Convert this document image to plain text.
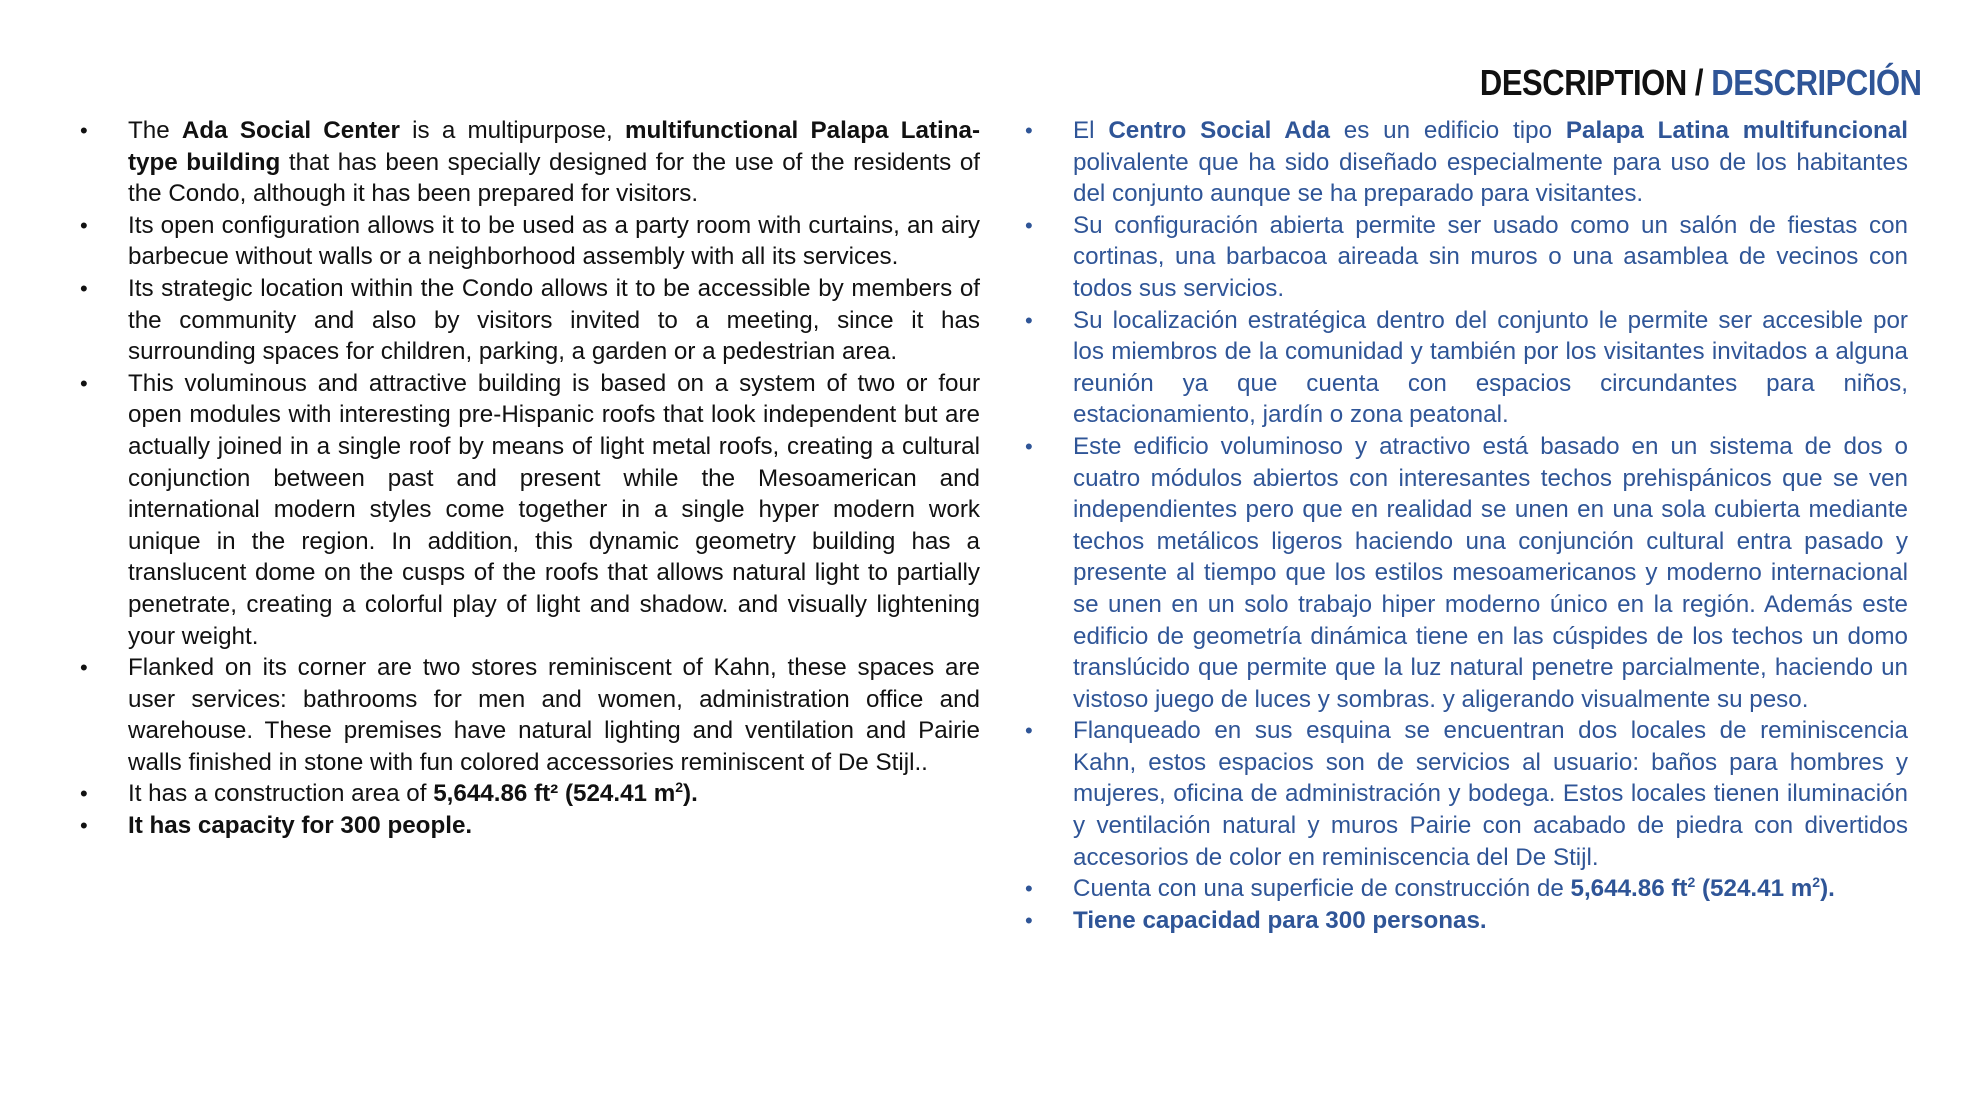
DESCRIPTION / DESCRIPCIÓN
• The Ada Social Center is a multipurpose, multifunctional Palapa Latina-type building that has been specially designed for the use of the residents of the Condo, although it has been prepared for visitors.
• Its open configuration allows it to be used as a party room with curtains, an airy barbecue without walls or a neighborhood assembly with all its services.
• Its strategic location within the Condo allows it to be accessible by members of the community and also by visitors invited to a meeting, since it has surrounding spaces for children, parking, a garden or a pedestrian area.
• This voluminous and attractive building is based on a system of two or four open modules with interesting pre-Hispanic roofs that look independent but are actually joined in a single roof by means of light metal roofs, creating a cultural conjunction between past and present while the Mesoamerican and international modern styles come together in a single hyper modern work unique in the region. In addition, this dynamic geometry building has a translucent dome on the cusps of the roofs that allows natural light to partially penetrate, creating a colorful play of light and shadow. and visually lightening your weight.
• Flanked on its corner are two stores reminiscent of Kahn, these spaces are user services: bathrooms for men and women, administration office and warehouse. These premises have natural lighting and ventilation and Pairie walls finished in stone with fun colored accessories reminiscent of De Stijl..
• It has a construction area of 5,644.86 ft² (524.41 $m^2$).
• It has capacity for 300 people.
• El Centro Social Ada es un edificio tipo Palapa Latina multifuncional polivalente que ha sido diseñado especialmente para uso de los habitantes del conjunto aunque se ha preparado para visitantes.
• Su configuración abierta permite ser usado como un salón de fiestas con cortinas, una barbacoa aireada sin muros o una asamblea de vecinos con todos sus servicios.
• Su localización estratégica dentro del conjunto le permite ser accesible por los miembros de la comunidad y también por los visitantes invitados a alguna reunión ya que cuenta con espacios circundantes para niños, estacionamiento, jardín o zona peatonal.
• Este edificio voluminoso y atractivo está basado en un sistema de dos o cuatro módulos abiertos con interesantes techos prehispánicos que se ven independientes pero que en realidad se unen en una sola cubierta mediante techos metálicos ligeros haciendo una conjunción cultural entra pasado y presente al tiempo que los estilos mesoamericanos y moderno internacional se unen en un solo trabajo hiper moderno único en la región. Además este edificio de geometría dinámica tiene en las cúspides de los techos un domo translúcido que permite que la luz natural penetre parcialmente, haciendo un vistoso juego de luces y sombras. y aligerando visualmente su peso.
• Flanqueado en sus esquina se encuentran dos locales de reminiscencia Kahn, estos espacios son de servicios al usuario: baños para hombres y mujeres, oficina de administración y bodega. Estos locales tienen iluminación y ventilación natural y muros Pairie con acabado de piedra con divertidos accesorios de color en reminiscencia del De Stijl.
• Cuenta con una superficie de construcción de 5,644.86 $ft^2$ (524.41 $m^2$).
• Tiene capacidad para 300 personas.
